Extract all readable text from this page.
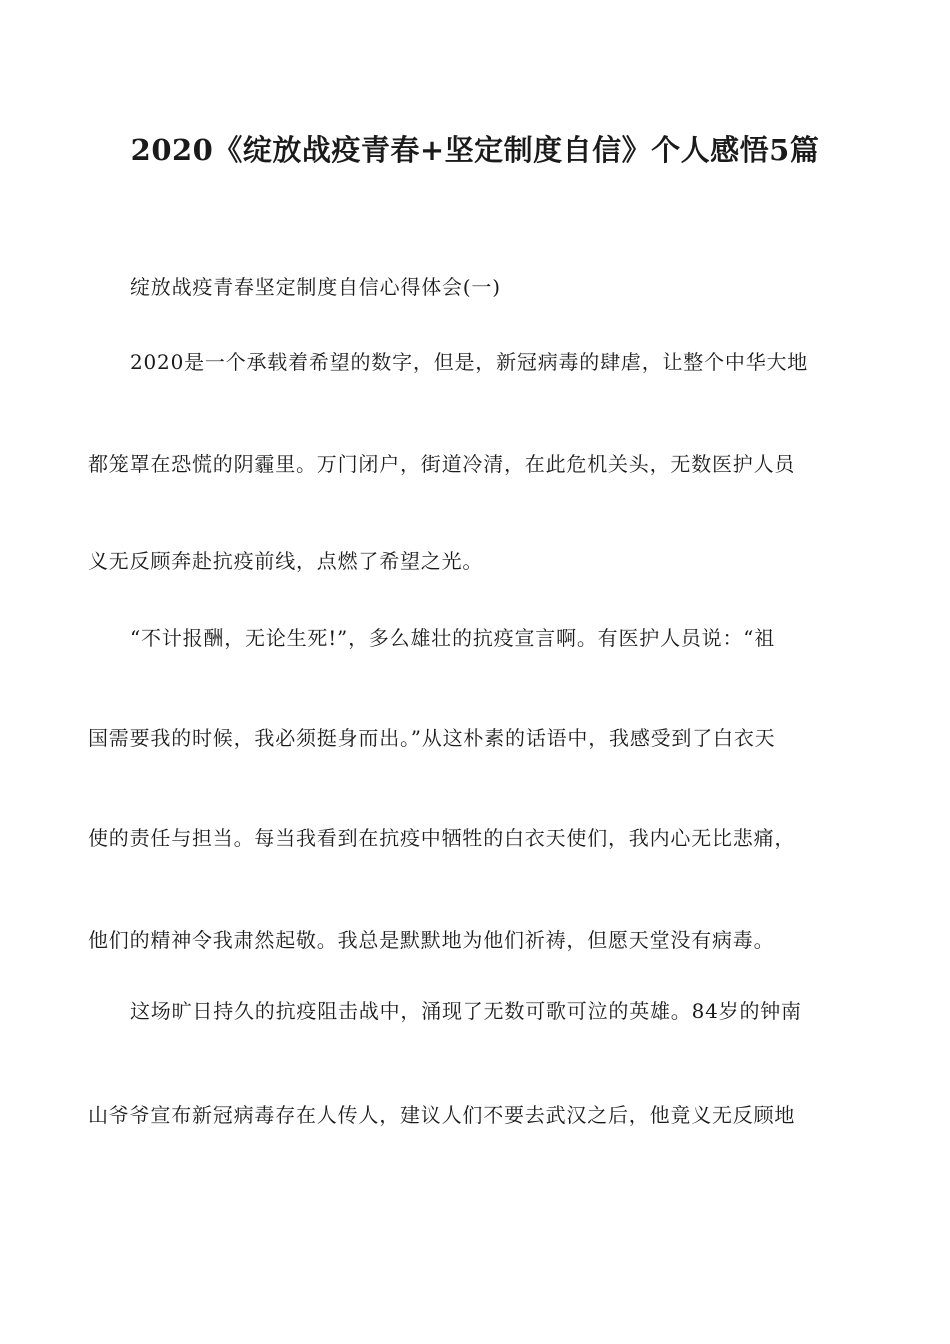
2020《绽放战疫青春+坚定制度自信》个人感悟5篇
绽放战疫青春坚定制度自信心得体会(一)
2020是一个承载着希望的数字，但是，新冠病毒的肆虐，让整个中华大地
都笼罩在恐慌的阴霾里。万门闭户，街道冷清，在此危机关头，无数医护人员
义无反顾奔赴抗疫前线，点燃了希望之光。
“不计报酬，无论生死!”，多么雄壮的抗疫宣言啊。有医护人员说：“祖
国需要我的时候，我必须挺身而出。”从这朴素的话语中，我感受到了白衣天
使的责任与担当。每当我看到在抗疫中牺牲的白衣天使们，我内心无比悲痛，
他们的精神令我肃然起敬。我总是默默地为他们祈祷，但愿天堂没有病毒。
这场旷日持久的抗疫阻击战中，涌现了无数可歌可泣的英雄。84岁的钟南
山爷爷宣布新冠病毒存在人传人，建议人们不要去武汉之后，他竟义无反顾地
